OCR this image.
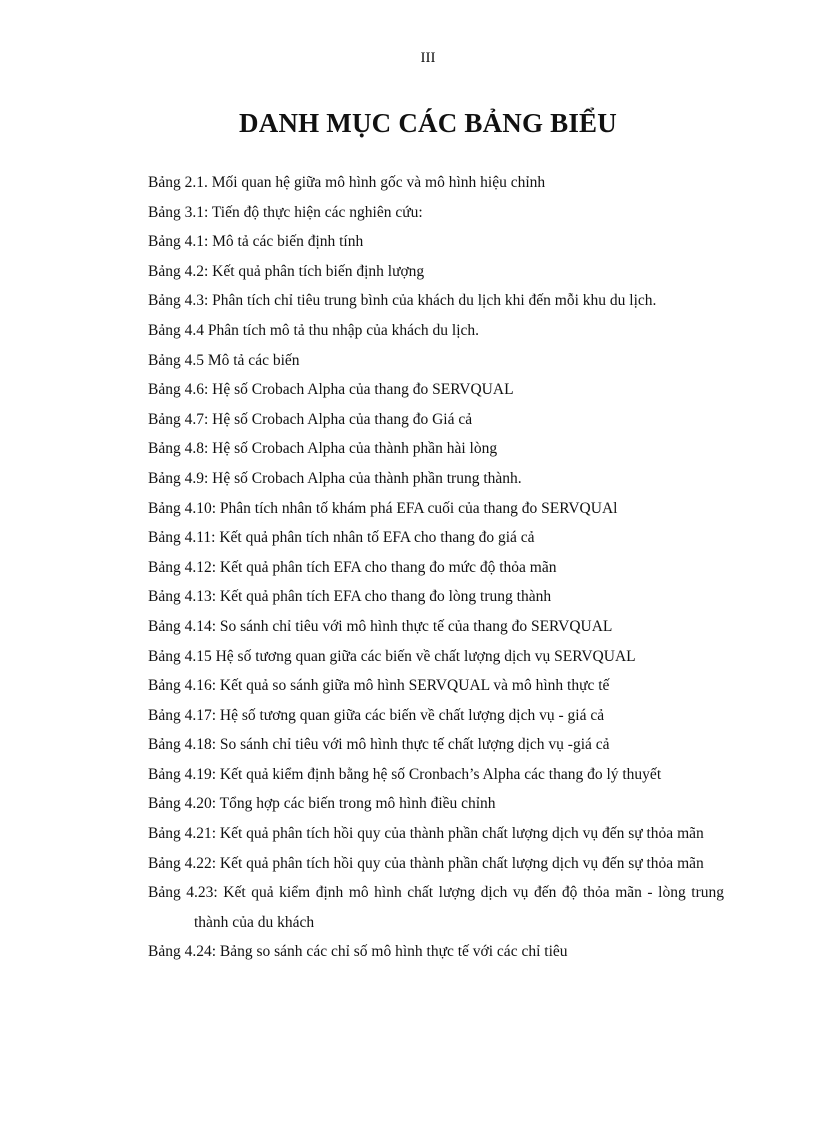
III
DANH MỤC CÁC BẢNG BIỂU
Bảng 2.1. Mối quan hệ giữa mô hình gốc và mô hình hiệu chỉnh
Bảng 3.1: Tiến độ thực hiện các nghiên cứu:
Bảng 4.1: Mô tả các biến định tính
Bảng 4.2: Kết quả phân tích biến định lượng
Bảng 4.3: Phân tích chỉ tiêu trung bình của khách du lịch khi đến mỗi khu du lịch.
Bảng 4.4 Phân tích mô tả thu nhập của khách du lịch.
Bảng 4.5 Mô tả các biến
Bảng 4.6: Hệ số Crobach Alpha của thang đo SERVQUAL
Bảng 4.7: Hệ số Crobach Alpha của thang đo Giá cả
Bảng 4.8: Hệ số Crobach Alpha của thành phần hài lòng
Bảng 4.9: Hệ số Crobach Alpha của thành phần trung thành.
Bảng 4.10: Phân tích nhân tố khám phá EFA cuối của thang đo SERVQUAl
Bảng 4.11: Kết quả phân tích nhân tố EFA cho thang đo giá cả
Bảng 4.12: Kết quả phân tích EFA cho thang đo mức độ thỏa mãn
Bảng 4.13: Kết quả phân tích EFA cho thang đo lòng trung thành
Bảng 4.14: So sánh chỉ tiêu với mô hình thực tế của thang đo SERVQUAL
Bảng 4.15 Hệ số tương quan giữa các biến về chất lượng dịch vụ SERVQUAL
Bảng 4.16: Kết quả so sánh giữa mô hình SERVQUAL và mô hình thực tế
Bảng 4.17: Hệ số tương quan giữa các biến về chất lượng dịch vụ - giá cả
Bảng 4.18: So sánh chỉ tiêu với mô hình thực tế chất lượng dịch vụ -giá cả
Bảng 4.19: Kết quả kiểm định bằng hệ số Cronbach’s Alpha các thang đo lý thuyết
Bảng 4.20: Tổng hợp các biến trong mô hình điều chỉnh
Bảng 4.21: Kết quả phân tích hồi quy của thành phần chất lượng dịch vụ đến sự thỏa mãn
Bảng 4.22: Kết quả phân tích hồi quy của thành phần chất lượng dịch vụ đến sự thỏa mãn
Bảng 4.23: Kết quả kiểm định mô hình chất lượng dịch vụ đến độ thỏa mãn - lòng trung thành của du khách
Bảng 4.24: Bảng so sánh các chỉ số mô hình thực tế với các chỉ tiêu
